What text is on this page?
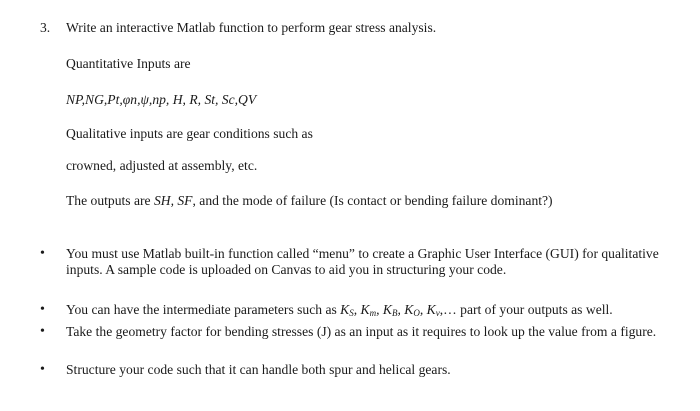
3. Write an interactive Matlab function to perform gear stress analysis.
Quantitative Inputs are
NP,NG,Pt,φn,ψ,np, H, R, St, Sc,QV
Qualitative inputs are gear conditions such as
crowned, adjusted at assembly, etc.
The outputs are SH, SF, and the mode of failure (Is contact or bending failure dominant?)
• You must use Matlab built-in function called “menu” to create a Graphic User Interface (GUI) for qualitative inputs. A sample code is uploaded on Canvas to aid you in structuring your code.
• You can have the intermediate parameters such as $K_S$, $K_m$, $K_B$, $K_O$, $K_v,\dots$ part of your outputs as well.
• Take the geometry factor for bending stresses (J) as an input as it requires to look up the value from a figure.
• Structure your code such that it can handle both spur and helical gears.
